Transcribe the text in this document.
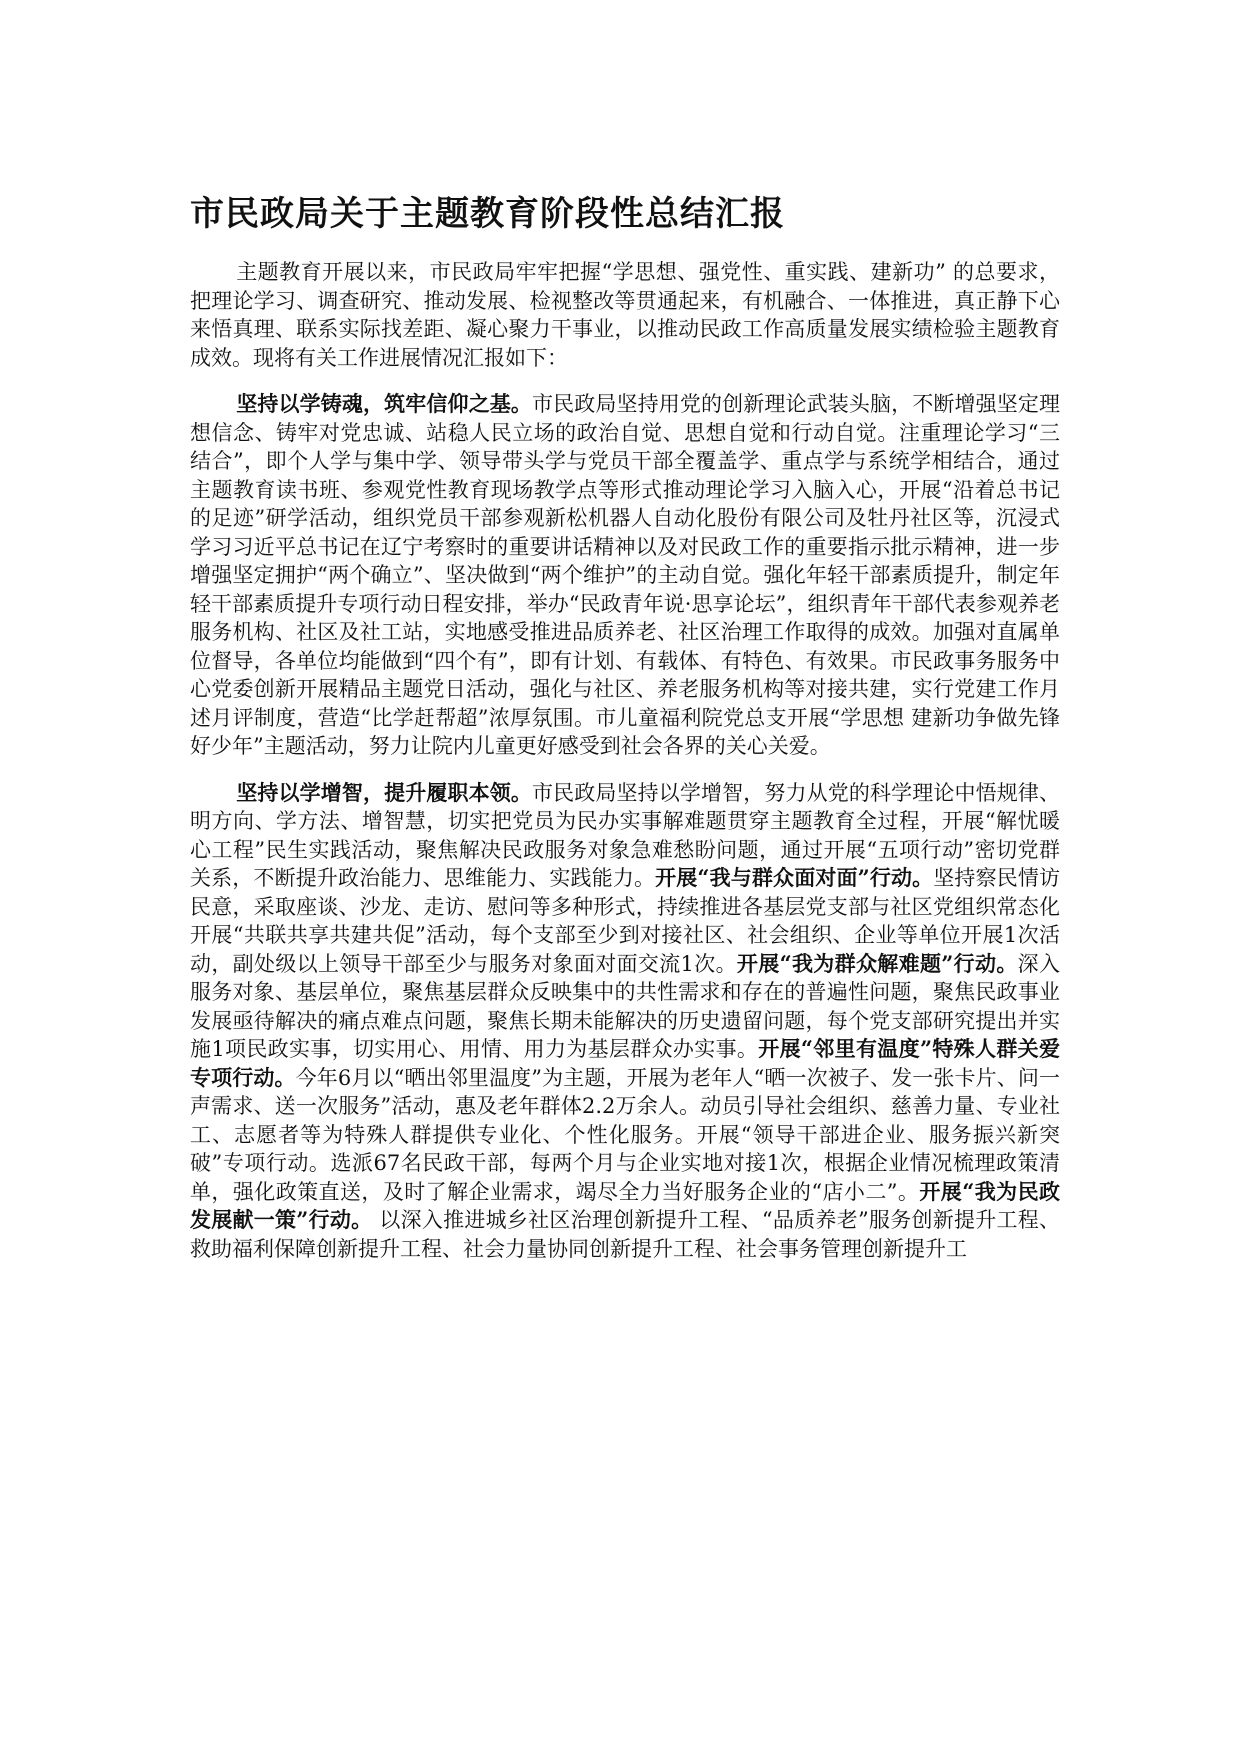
市民政局关于主题教育阶段性总结汇报

主题教育开展以来，市民政局牢牢把握“学思想、强党性、重实践、建新功” 的总要求，把理论学习、调查研究、推动发展、检视整改等贯通起来，有机融合、一体推进，真正静下心来悟真理、联系实际找差距、凝心聚力干事业，以推动民政工作高质量发展实绩检验主题教育成效。现将有关工作进展情况汇报如下：

坚持以学铸魂，筑牢信仰之基。市民政局坚持用党的创新理论武装头脑，不断增强坚定理想信念、铸牢对党忠诚、站稳人民立场的政治自觉、思想自觉和行动自觉。注重理论学习“三结合”，即个人学与集中学、领导带头学与党员干部全覆盖学、重点学与系统学相结合，通过主题教育读书班、参观党性教育现场教学点等形式推动理论学习入脑入心，开展“沿着总书记的足迹”研学活动，组织党员干部参观新松机器人自动化股份有限公司及牡丹社区等，沉浸式学习习近平总书记在辽宁考察时的重要讲话精神以及对民政工作的重要指示批示精神，进一步增强坚定拥护“两个确立”、坚决做到“两个维护”的主动自觉。强化年轻干部素质提升，制定年轻干部素质提升专项行动日程安排，举办“民政青年说·思享论坛”，组织青年干部代表参观养老服务机构、社区及社工站，实地感受推进品质养老、社区治理工作取得的成效。加强对直属单位督导，各单位均能做到“四个有”，即有计划、有载体、有特色、有效果。市民政事务服务中心党委创新开展精品主题党日活动，强化与社区、养老服务机构等对接共建，实行党建工作月述月评制度，营造“比学赶帮超”浓厚氛围。市儿童福利院党总支开展“学思想 建新功争做先锋好少年”主题活动，努力让院内儿童更好感受到社会各界的关心关爱。

坚持以学增智，提升履职本领。市民政局坚持以学增智，努力从党的科学理论中悟规律、明方向、学方法、增智慧，切实把党员为民办实事解难题贯穿主题教育全过程，开展“解忧暖心工程”民生实践活动，聚焦解决民政服务对象急难愁盼问题，通过开展“五项行动”密切党群关系，不断提升政治能力、思维能力、实践能力。开展“我与群众面对面”行动。坚持察民情访民意，采取座谈、沙龙、走访、慰问等多种形式，持续推进各基层党支部与社区党组织常态化开展“共联共享共建共促”活动，每个支部至少到对接社区、社会组织、企业等单位开展1次活动，副处级以上领导干部至少与服务对象面对面交流1次。开展“我为群众解难题”行动。深入服务对象、基层单位，聚焦基层群众反映集中的共性需求和存在的普遍性问题，聚焦民政事业发展亟待解决的痛点难点问题，聚焦长期未能解决的历史遗留问题，每个党支部研究提出并实施1项民政实事，切实用心、用情、用力为基层群众办实事。开展“邻里有温度”特殊人群关爱专项行动。今年6月以“晒出邻里温度”为主题，开展为老年人“晒一次被子、发一张卡片、问一声需求、送一次服务”活动，惠及老年群体2.2万余人。动员引导社会组织、慈善力量、专业社工、志愿者等为特殊人群提供专业化、个性化服务。开展“领导干部进企业、服务振兴新突破”专项行动。选派67名民政干部，每两个月与企业实地对接1次，根据企业情况梳理政策清单，强化政策直送，及时了解企业需求，竭尽全力当好服务企业的“店小二”。开展“我为民政发展献一策”行动。 以深入推进城乡社区治理创新提升工程、“品质养老”服务创新提升工程、救助福利保障创新提升工程、社会力量协同创新提升工程、社会事务管理创新提升工
